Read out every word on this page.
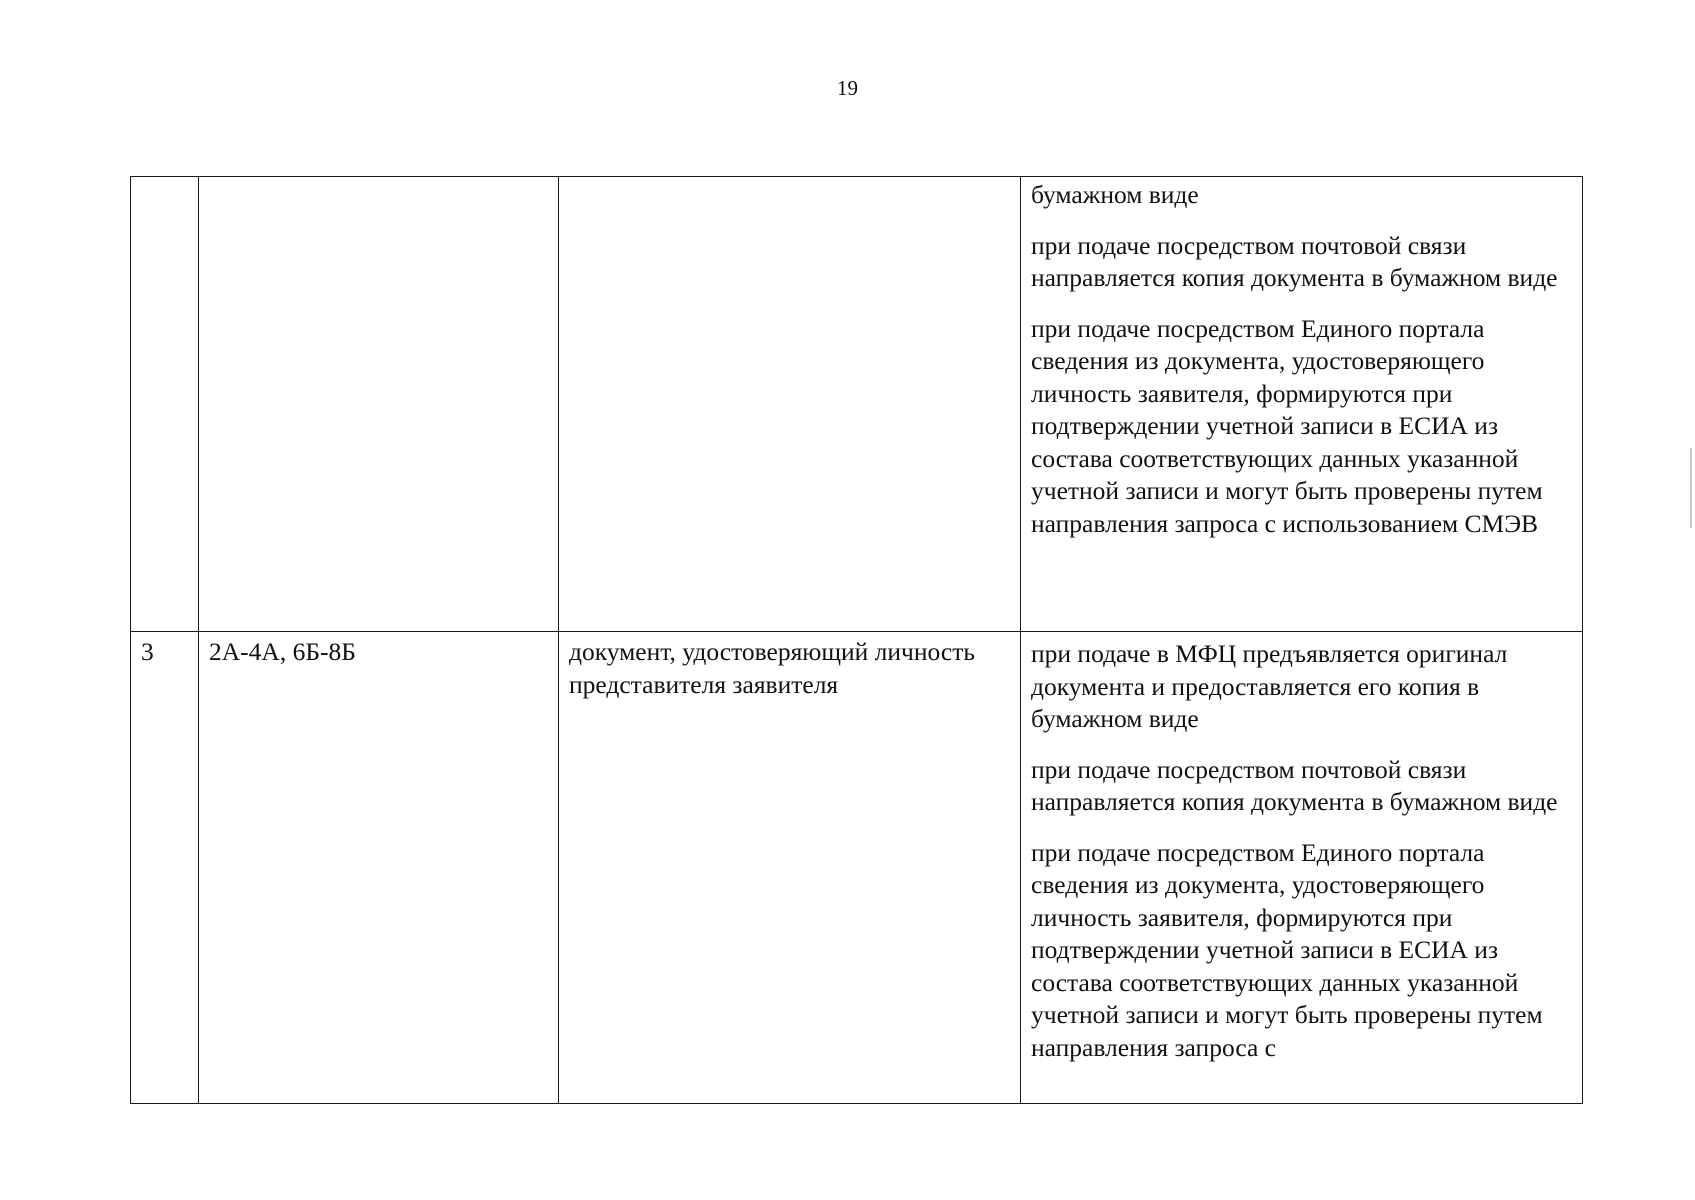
19

			бумажном виде

при подаче посредством почтовой связи направляется копия документа в бумажном виде

при подаче посредством Единого портала сведения из документа, удостоверяющего личность заявителя, формируются при подтверждении учетной записи в ЕСИА из состава соответствующих данных указанной учетной записи и могут быть проверены путем направления запроса с использованием СМЭВ

3	2А-4А, 6Б-8Б	документ, удостоверяющий личность представителя заявителя	при подаче в МФЦ предъявляется оригинал документа и предоставляется его копия в бумажном виде

при подаче посредством почтовой связи направляется копия документа в бумажном виде

при подаче посредством Единого портала сведения из документа, удостоверяющего личность заявителя, формируются при подтверждении учетной записи в ЕСИА из состава соответствующих данных указанной учетной записи и могут быть проверены путем направления запроса с
